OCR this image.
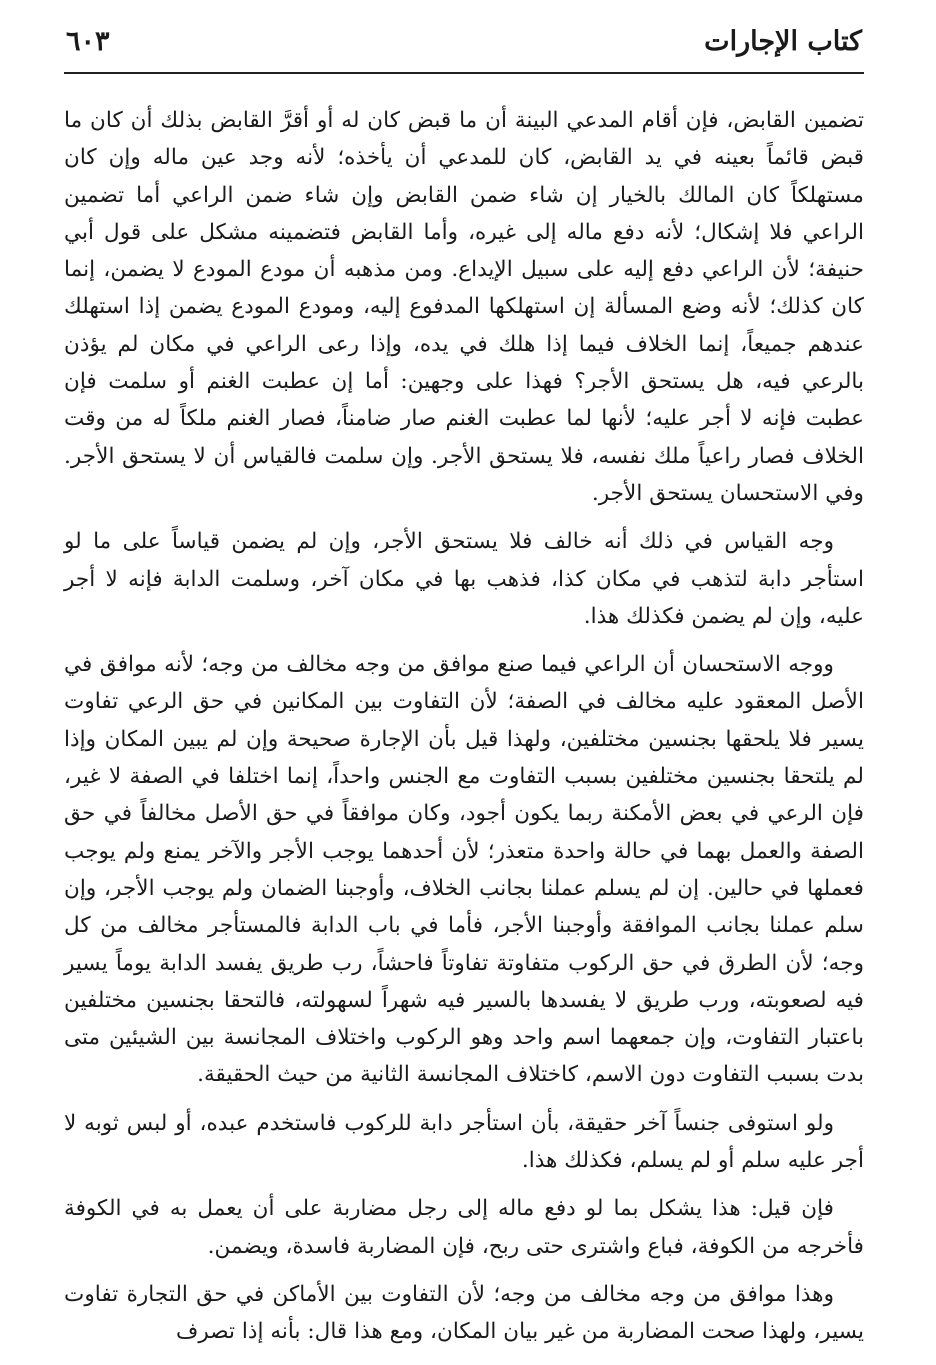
كتاب الإجارات
٦٠٣

تضمين القابض، فإن أقام المدعي البينة أن ما قبض كان له أو أقرَّ القابض بذلك أن كان ما قبض قائماً بعينه في يد القابض، كان للمدعي أن يأخذه؛ لأنه وجد عين ماله وإن كان مستهلكاً كان المالك بالخيار إن شاء ضمن القابض وإن شاء ضمن الراعي أما تضمين الراعي فلا إشكال؛ لأنه دفع ماله إلى غيره، وأما القابض فتضمينه مشكل على قول أبي حنيفة؛ لأن الراعي دفع إليه على سبيل الإيداع. ومن مذهبه أن مودع المودع لا يضمن، إنما كان كذلك؛ لأنه وضع المسألة إن استهلكها المدفوع إليه، ومودع المودع يضمن إذا استهلك عندهم جميعاً، إنما الخلاف فيما إذا هلك في يده، وإذا رعى الراعي في مكان لم يؤذن بالرعي فيه، هل يستحق الأجر؟ فهذا على وجهين: أما إن عطبت الغنم أو سلمت فإن عطبت فإنه لا أجر عليه؛ لأنها لما عطبت الغنم صار ضامناً، فصار الغنم ملكاً له من وقت الخلاف فصار راعياً ملك نفسه، فلا يستحق الأجر. وإن سلمت فالقياس أن لا يستحق الأجر. وفي الاستحسان يستحق الأجر.

وجه القياس في ذلك أنه خالف فلا يستحق الأجر، وإن لم يضمن قياساً على ما لو استأجر دابة لتذهب في مكان كذا، فذهب بها في مكان آخر، وسلمت الدابة فإنه لا أجر عليه، وإن لم يضمن فكذلك هذا.

ووجه الاستحسان أن الراعي فيما صنع موافق من وجه مخالف من وجه؛ لأنه موافق في الأصل المعقود عليه مخالف في الصفة؛ لأن التفاوت بين المكانين في حق الرعي تفاوت يسير فلا يلحقها بجنسين مختلفين، ولهذا قيل بأن الإجارة صحيحة وإن لم يبين المكان وإذا لم يلتحقا بجنسين مختلفين بسبب التفاوت مع الجنس واحداً، إنما اختلفا في الصفة لا غير، فإن الرعي في بعض الأمكنة ربما يكون أجود، وكان موافقاً في حق الأصل مخالفاً في حق الصفة والعمل بهما في حالة واحدة متعذر؛ لأن أحدهما يوجب الأجر والآخر يمنع ولم يوجب فعملها في حالين. إن لم يسلم عملنا بجانب الخلاف، وأوجبنا الضمان ولم يوجب الأجر، وإن سلم عملنا بجانب الموافقة وأوجبنا الأجر، فأما في باب الدابة فالمستأجر مخالف من كل وجه؛ لأن الطرق في حق الركوب متفاوتة تفاوتاً فاحشاً، رب طريق يفسد الدابة يوماً يسير فيه لصعوبته، ورب طريق لا يفسدها بالسير فيه شهراً لسهولته، فالتحقا بجنسين مختلفين باعتبار التفاوت، وإن جمعهما اسم واحد وهو الركوب واختلاف المجانسة بين الشيئين متى بدت بسبب التفاوت دون الاسم، كاختلاف المجانسة الثانية من حيث الحقيقة.

ولو استوفى جنساً آخر حقيقة، بأن استأجر دابة للركوب فاستخدم عبده، أو لبس ثوبه لا أجر عليه سلم أو لم يسلم، فكذلك هذا.

فإن قيل: هذا يشكل بما لو دفع ماله إلى رجل مضاربة على أن يعمل به في الكوفة فأخرجه من الكوفة، فباع واشترى حتى ربح، فإن المضاربة فاسدة، ويضمن.

وهذا موافق من وجه مخالف من وجه؛ لأن التفاوت بين الأماكن في حق التجارة تفاوت يسير، ولهذا صحت المضاربة من غير بيان المكان، ومع هذا قال: بأنه إذا تصرف
